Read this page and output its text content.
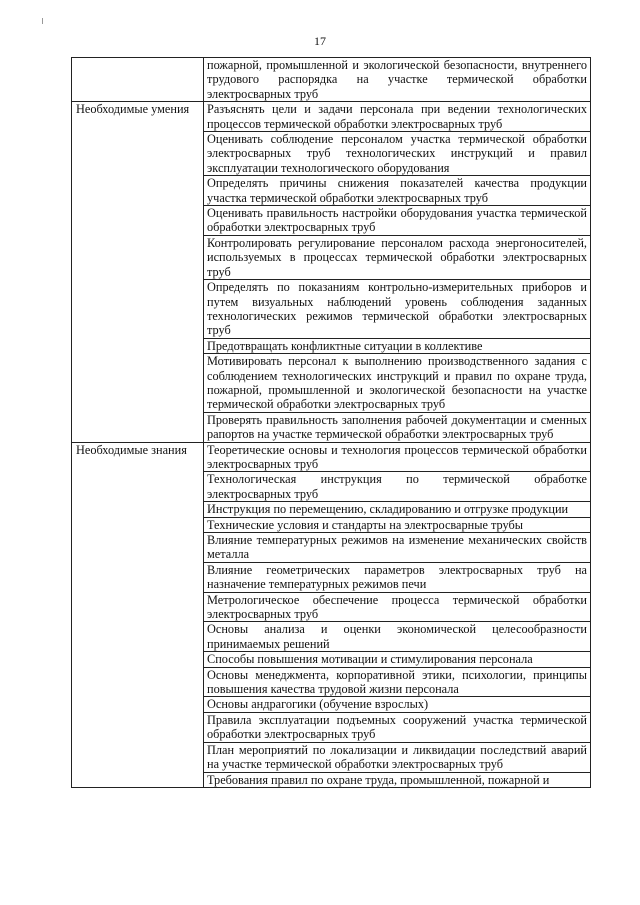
17
	пожарной, промышленной и экологической безопасности, внутреннего трудового распорядка на участке термической обработки электросварных труб
Необходимые умения	Разъяснять цели и задачи персонала при ведении технологических процессов термической обработки электросварных труб
	Оценивать соблюдение персоналом участка термической обработки электросварных труб технологических инструкций и правил эксплуатации технологического оборудования
	Определять причины снижения показателей качества продукции участка термической обработки электросварных труб
	Оценивать правильность настройки оборудования участка термической обработки электросварных труб
	Контролировать регулирование персоналом расхода энергоносителей, используемых в процессах термической обработки электросварных труб
	Определять по показаниям контрольно-измерительных приборов и путем визуальных наблюдений уровень соблюдения заданных технологических режимов термической обработки электросварных труб
	Предотвращать конфликтные ситуации в коллективе
	Мотивировать персонал к выполнению производственного задания с соблюдением технологических инструкций и правил по охране труда, пожарной, промышленной и экологической безопасности на участке термической обработки электросварных труб
	Проверять правильность заполнения рабочей документации и сменных рапортов на участке термической обработки электросварных труб
Необходимые знания	Теоретические основы и технология процессов термической обработки электросварных труб
	Технологическая инструкция по термической обработке электросварных труб
	Инструкция по перемещению, складированию и отгрузке продукции
	Технические условия и стандарты на электросварные трубы
	Влияние температурных режимов на изменение механических свойств металла
	Влияние геометрических параметров электросварных труб на назначение температурных режимов печи
	Метрологическое обеспечение процесса термической обработки электросварных труб
	Основы анализа и оценки экономической целесообразности принимаемых решений
	Способы повышения мотивации и стимулирования персонала
	Основы менеджмента, корпоративной этики, психологии, принципы повышения качества трудовой жизни персонала
	Основы андрагогики (обучение взрослых)
	Правила эксплуатации подъемных сооружений участка термической обработки электросварных труб
	План мероприятий по локализации и ликвидации последствий аварий на участке термической обработки электросварных труб
	Требования правил по охране труда, промышленной, пожарной и
